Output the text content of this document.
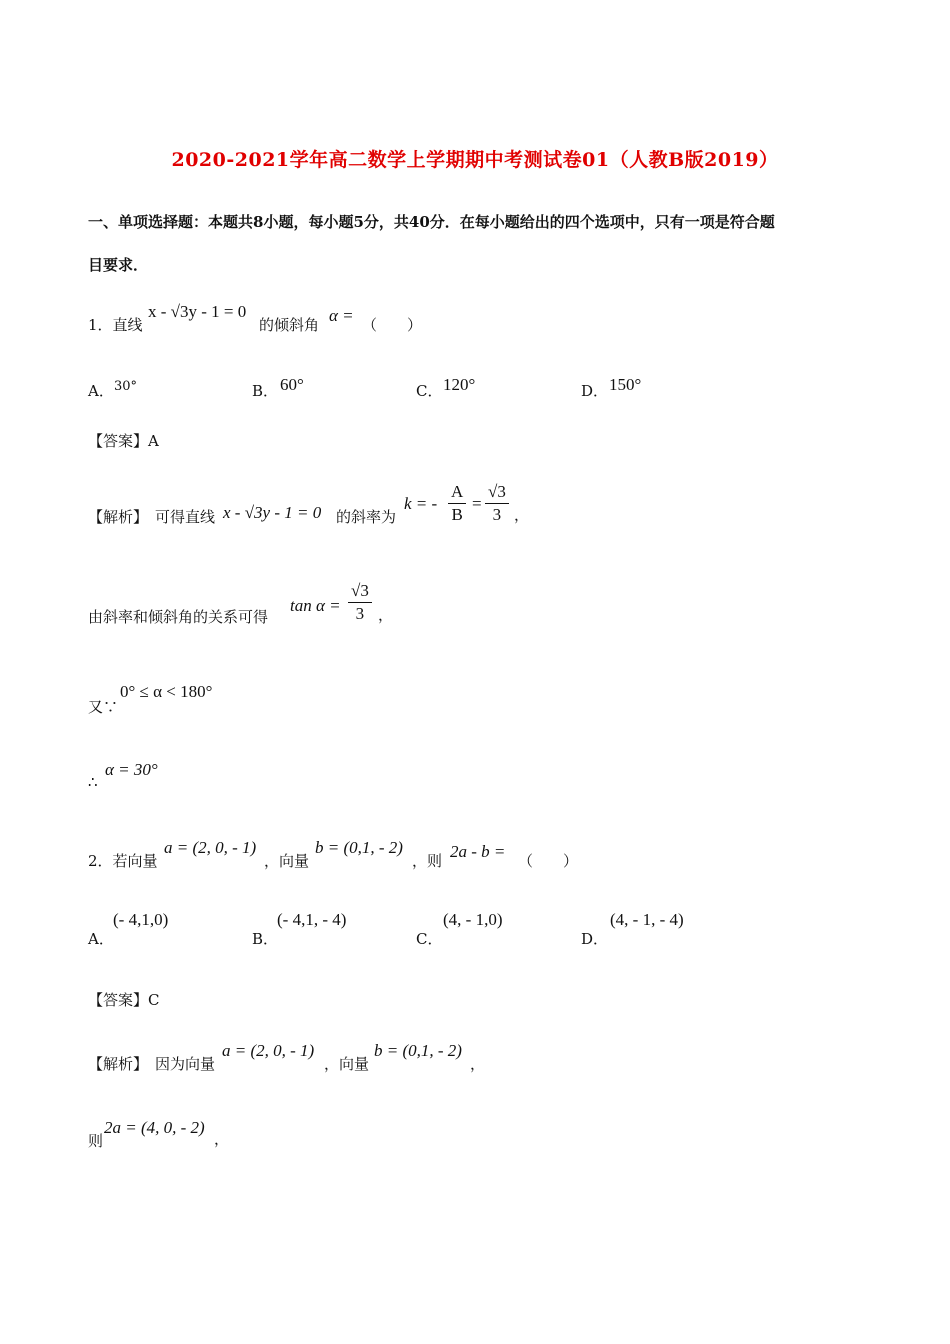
2020-2021学年高二数学上学期期中考测试卷01（人教B版2019）
一、单项选择题：本题共8小题，每小题5分，共40分．在每小题给出的四个选项中，只有一项是符合题
目要求．
1．直线
x - √3y - 1 = 0
的倾斜角 α = （　　）
A． 30°	B． 60°	C． 120°	D． 150°
【答案】A
【解析】 可得直线 x - √3y - 1 = 0 的斜率为
k = - $\frac{A}{B} = \frac{√3}{3}$ ，
由斜率和倾斜角的关系可得
$\tan \alpha = \frac{√3}{3}$ ，
又∵
0° ≤ α < 180°
∴
α = 30°
2．若向量
a = (2, 0, - 1)
，向量
b = (0,1, - 2)
，则 2a - b = （　　）
A．
(- 4,1,0)
B．
(- 4,1, - 4)
C．
(4, - 1,0)
D．
(4, - 1, - 4)
【答案】C
【解析】 因为向量
a = (2, 0, - 1)
，向量
b = (0,1, - 2)
，
则
2a = (4, 0, - 2)
，
